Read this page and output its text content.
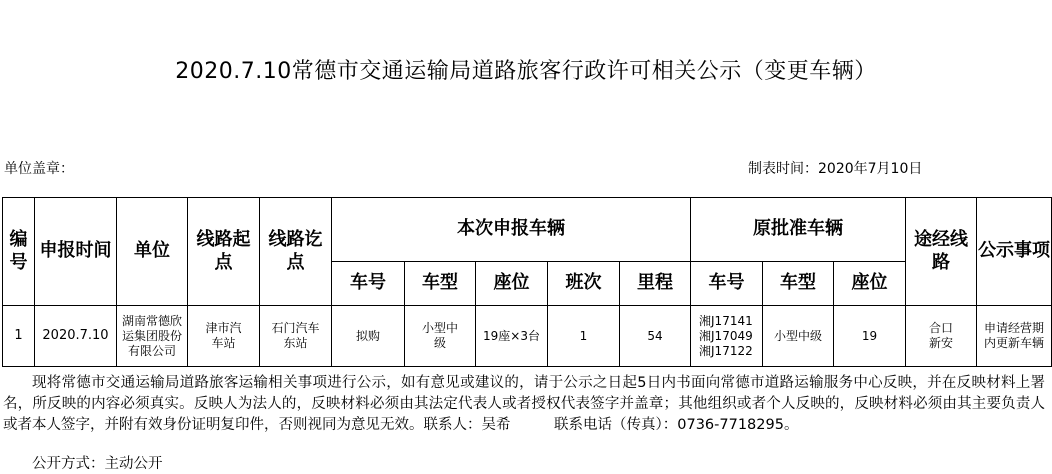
2020.7.10常德市交通运输局道路旅客行政许可相关公示（变更车辆）
单位盖章：	制表时间：2020年7月10日
编号	申报时间	单位	线路起点	线路讫点	本次申报车辆					原批准车辆			途经线路	公示事项
					车号	车型	座位	班次	里程	车号	车型	座位		
1	2020.7.10	湖南常德欣运集团股份有限公司	津市汽车站	石门汽车东站	拟购	小型中级	19座×3台	1	54	湘J17141
湘J17049
湘J17122	小型中级	19	合口新安	申请经营期内更新车辆

现将常德市交通运输局道路旅客运输相关事项进行公示，如有意见或建议的，请于公示之日起5日内书面向常德市道路运输服务中心反映，并在反映材料上署名，所反映的内容必须真实。反映人为法人的，反映材料必须由其法定代表人或者授权代表签字并盖章；其他组织或者个人反映的，反映材料必须由其主要负责人或者本人签字，并附有效身份证明复印件，否则视同为意见无效。联系人：吴希　　　联系电话（传真）：0736-7718295。

公开方式：主动公开
